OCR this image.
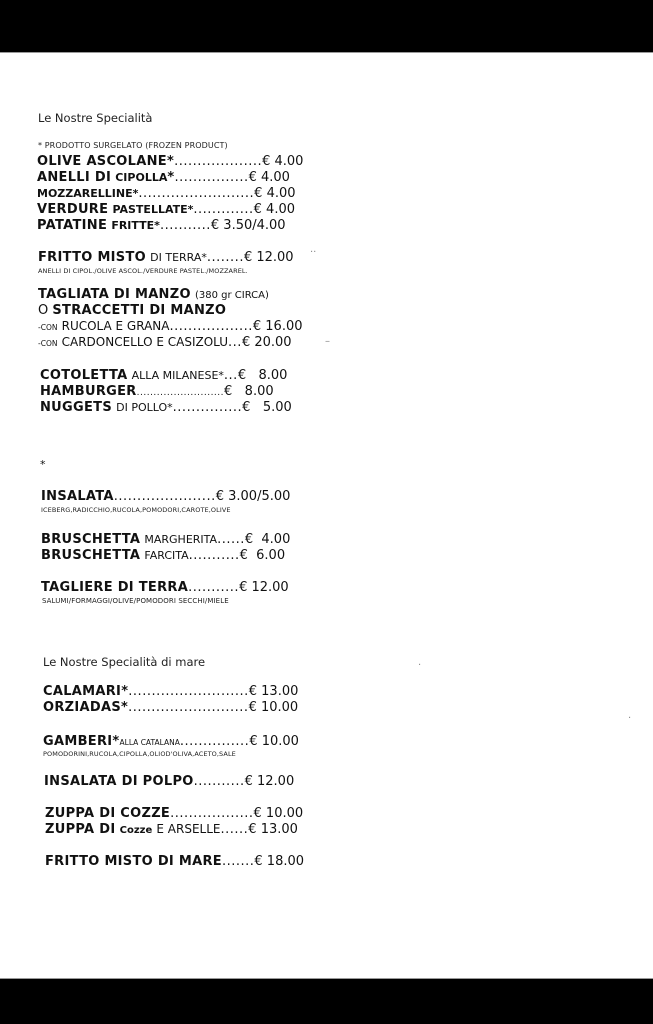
Le Nostre Specialità
* PRODOTTO SURGELATO (FROZEN PRODUCT)
OLIVE ASCOLANE * ................... € 4.00
ANELLI DI
CIPOLLA * ................ € 4.00
MOZZARELLINE * ......................... € 4.00
VERDURE
PASTELLATE * ............. € 4.00
PATATINE
FRITTE * ........... € 3.50/4.00
FRITTO MISTO
DI TERRA* ........ € 12.00
ANELLI DI CIPOL./OLIVE ASCOL./VERDURE PASTEL./MOZZAREL.
··
TAGLIATA DI MANZO
(380 gr CIRCA)
O
STRACCETTI DI MANZO
-CON
RUCOLA E GRANA .................. € 16.00
-CON
CARDONCELLO E CASIZOLU ... € 20.00	–
COTOLETTA
ALLA MILANESE* ... €   8.00
HAMBURGER .......................... €   8.00
NUGGETS
DI POLLO* ............... €   5.00
*
INSALATA ...................... € 3.00/5.00
ICEBERG,RADICCHIO,RUCOLA,POMODORI,CAROTE,OLIVE
BRUSCHETTA
MARGHERITA ...... €  4.00
BRUSCHETTA
FARCITA ........... €  6.00
TAGLIERE DI TERRA ........... € 12.00
SALUMI/FORMAGGI/OLIVE/POMODORI SECCHI/MIELE
Le Nostre Specialità di mare
CALAMARI* .......................... € 13.00
ORZIADAS* .......................... € 10.00
GAMBERI* ALLA CATALANA ............... € 10.00
POMODORINI,RUCOLA,CIPOLLA,OLIOD'OLIVA,ACETO,SALE
INSALATA DI POLPO ........... € 12.00
ZUPPA DI COZZE .................. € 10.00
ZUPPA DI
Cozze
E ARSELLE ...... € 13.00
FRITTO MISTO DI MARE ....... € 18.00
·
·
